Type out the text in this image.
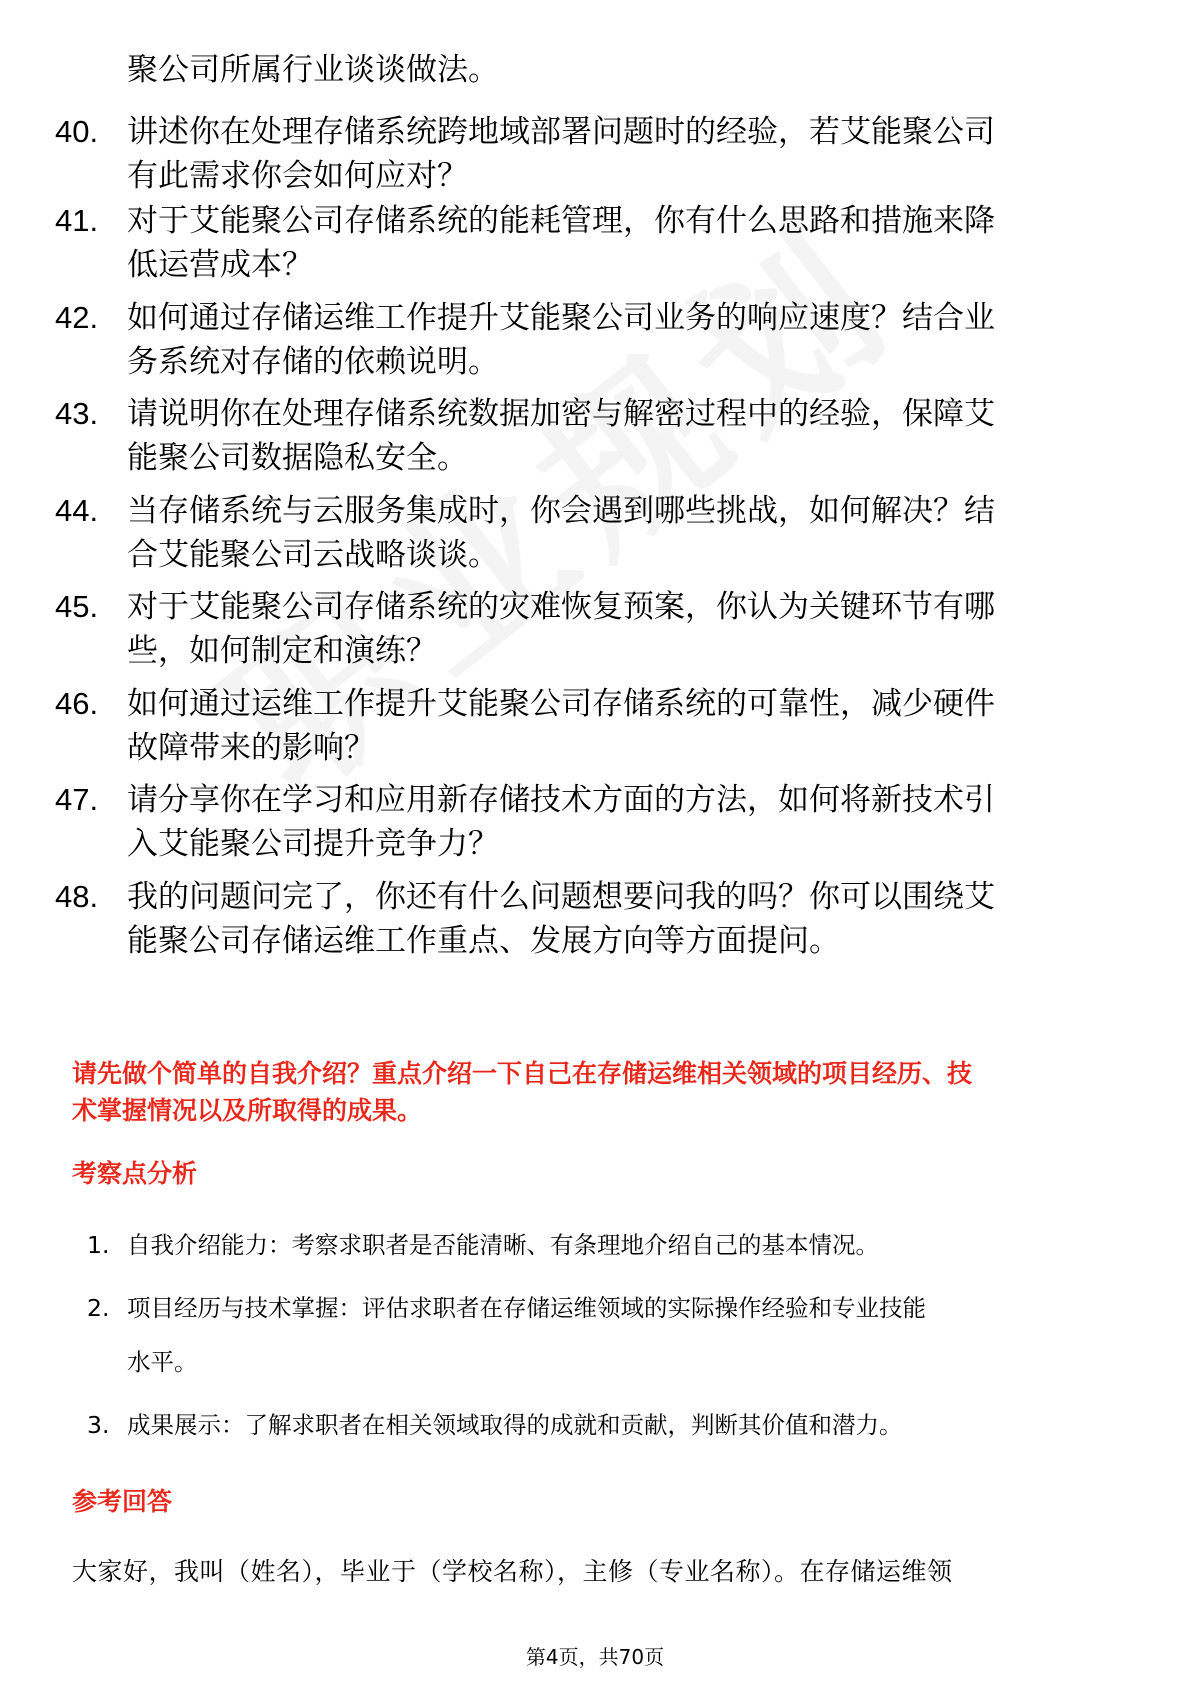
聚公司所属行业谈谈做法。
40. 讲述你在处理存储系统跨地域部署问题时的经验，若艾能聚公司
有此需求你会如何应对？
41. 对于艾能聚公司存储系统的能耗管理，你有什么思路和措施来降
低运营成本？
42. 如何通过存储运维工作提升艾能聚公司业务的响应速度？结合业
务系统对存储的依赖说明。
43. 请说明你在处理存储系统数据加密与解密过程中的经验，保障艾
能聚公司数据隐私安全。
44. 当存储系统与云服务集成时，你会遇到哪些挑战，如何解决？结
合艾能聚公司云战略谈谈。
45. 对于艾能聚公司存储系统的灾难恢复预案，你认为关键环节有哪
些，如何制定和演练？
46. 如何通过运维工作提升艾能聚公司存储系统的可靠性，减少硬件
故障带来的影响？
47. 请分享你在学习和应用新存储技术方面的方法，如何将新技术引
入艾能聚公司提升竞争力？
48. 我的问题问完了，你还有什么问题想要问我的吗？你可以围绕艾
能聚公司存储运维工作重点、发展方向等方面提问。
请先做个简单的自我介绍？重点介绍一下自己在存储运维相关领域的项目经历、技
术掌握情况以及所取得的成果。
考察点分析
1. 自我介绍能力：考察求职者是否能清晰、有条理地介绍自己的基本情况。
2. 项目经历与技术掌握：评估求职者在存储运维领域的实际操作经验和专业技能
水平。
3. 成果展示：了解求职者在相关领域取得的成就和贡献，判断其价值和潜力。
参考回答
大家好，我叫（姓名），毕业于（学校名称），主修（专业名称）。在存储运维领
第4页，共70页
